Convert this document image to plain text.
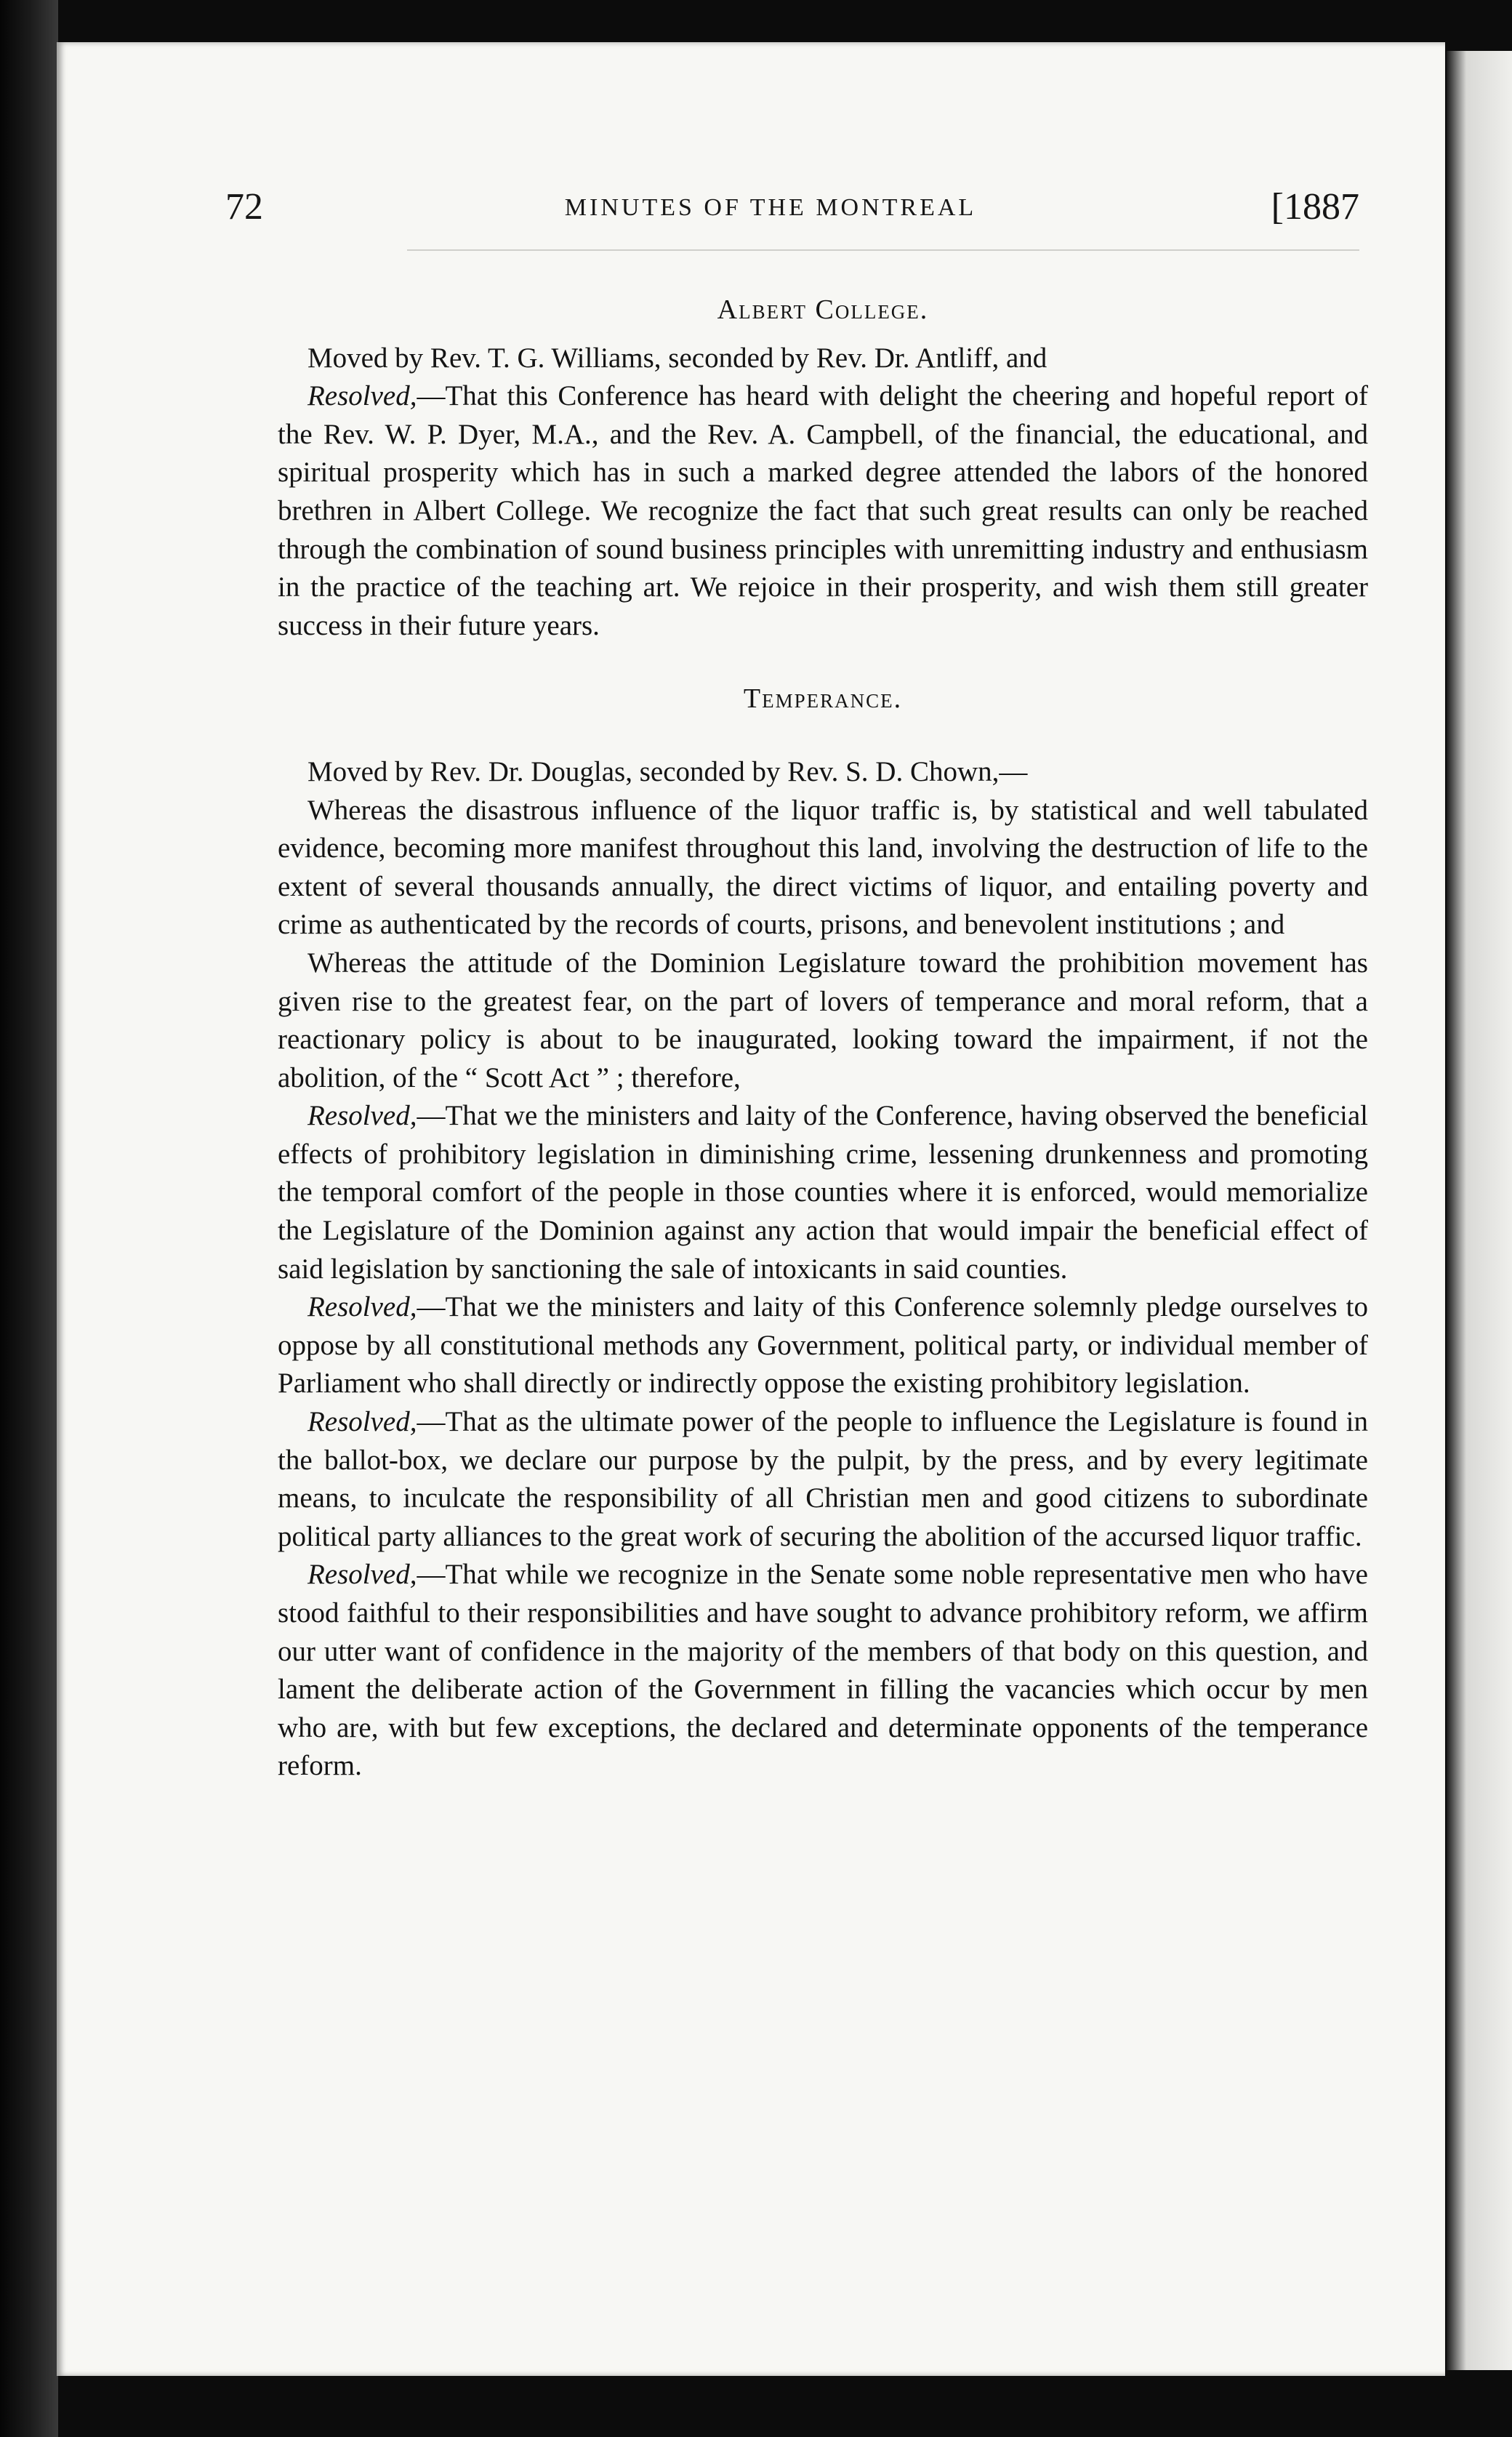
72	MINUTES OF THE MONTREAL	[1887

Albert College.

Moved by Rev. T. G. Williams, seconded by Rev. Dr. Antliff, and

Resolved,—That this Conference has heard with delight the cheering and hopeful report of the Rev. W. P. Dyer, M.A., and the Rev. A. Campbell, of the financial, the educational, and spiritual prosperity which has in such a marked degree attended the labors of the honored brethren in Albert College. We recognize the fact that such great results can only be reached through the combination of sound business principles with unremitting industry and enthusiasm in the practice of the teaching art. We rejoice in their prosperity, and wish them still greater success in their future years.

Temperance.

Moved by Rev. Dr. Douglas, seconded by Rev. S. D. Chown,—

Whereas the disastrous influence of the liquor traffic is, by statistical and well tabulated evidence, becoming more manifest throughout this land, involving the destruction of life to the extent of several thousands annually, the direct victims of liquor, and entailing poverty and crime as authenticated by the records of courts, prisons, and benevolent institutions ; and

Whereas the attitude of the Dominion Legislature toward the prohibition movement has given rise to the greatest fear, on the part of lovers of temperance and moral reform, that a reactionary policy is about to be inaugurated, looking toward the impairment, if not the abolition, of the “ Scott Act ” ; therefore,

Resolved,—That we the ministers and laity of the Conference, having observed the beneficial effects of prohibitory legislation in diminishing crime, lessening drunkenness and promoting the temporal comfort of the people in those counties where it is enforced, would memorialize the Legislature of the Dominion against any action that would impair the beneficial effect of said legislation by sanctioning the sale of intoxicants in said counties.

Resolved,—That we the ministers and laity of this Conference solemnly pledge ourselves to oppose by all constitutional methods any Government, political party, or individual member of Parliament who shall directly or indirectly oppose the existing prohibitory legislation.

Resolved,—That as the ultimate power of the people to influence the Legislature is found in the ballot-box, we declare our purpose by the pulpit, by the press, and by every legitimate means, to inculcate the responsibility of all Christian men and good citizens to subordinate political party alliances to the great work of securing the abolition of the accursed liquor traffic.

Resolved,—That while we recognize in the Senate some noble representative men who have stood faithful to their responsibilities and have sought to advance prohibitory reform, we affirm our utter want of confidence in the majority of the members of that body on this question, and lament the deliberate action of the Government in filling the vacancies which occur by men who are, with but few exceptions, the declared and determinate opponents of the temperance reform.
